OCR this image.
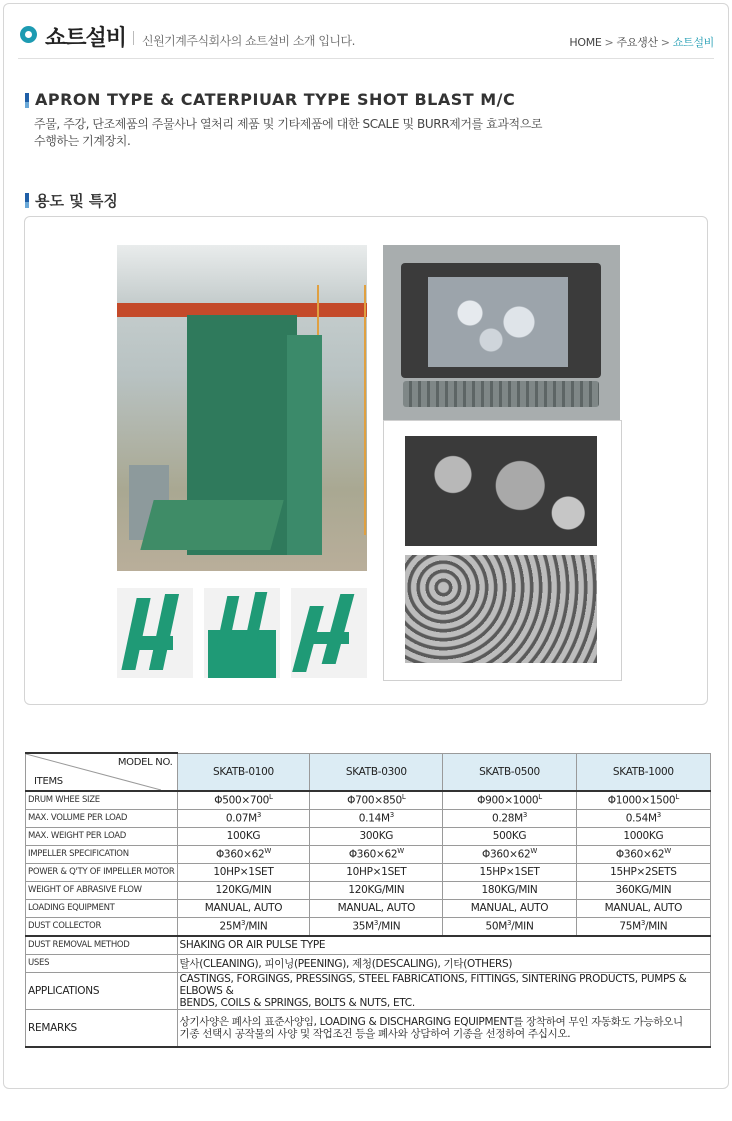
쇼트설비 신원기계주식회사의 쇼트설비 소개 입니다.	HOME > 주요생산 > 쇼트설비
APRON TYPE & CATERPIUAR TYPE SHOT BLAST M/C
주물, 주강, 단조제품의 주물사나 열처리 제품 및 기타제품에 대한 SCALE 및 BURR제거를 효과적으로
수행하는 기계장치.
용도 및 특징
MODEL NO.
ITEMS	SKATB-0100	SKATB-0300	SKATB-0500	SKATB-1000
DRUM WHEE SIZE	$\Phi 500\times 700^L$	$\Phi 700\times 850^L$	$\Phi 900\times 1000^L$	$\Phi 1000\times 1500^L$
MAX. VOLUME PER LOAD	$0.07M^3$	$0.14M^3$	$0.28M^3$	$0.54M^3$
MAX. WEIGHT PER LOAD	100KG	300KG	500KG	1000KG
IMPELLER SPECIFICATION	$\Phi 360\times 62^W$	$\Phi 360\times 62^W$	$\Phi 360\times 62^W$	$\Phi 360\times 62^W$
POWER & Q'TY OF IMPELLER MOTOR	10HP×1SET	10HP×1SET	15HP×1SET	15HP×2SETS
WEIGHT OF ABRASIVE FLOW	120KG/MIN	120KG/MIN	180KG/MIN	360KG/MIN
LOADING EQUIPMENT	MANUAL, AUTO	MANUAL, AUTO	MANUAL, AUTO	MANUAL, AUTO
DUST COLLECTOR	$25M^3$/MIN	$35M^3$/MIN	$50M^3$/MIN	$75M^3$/MIN
DUST REMOVAL METHOD	SHAKING OR AIR PULSE TYPE			
USES	탈사(CLEANING), 피이닝(PEENING), 제청(DESCALING), 기타(OTHERS)			
APPLICATIONS	CASTINGS, FORGINGS, PRESSINGS, STEEL FABRICATIONS, FITTINGS, SINTERING PRODUCTS, PUMPS & ELBOWS &
BENDS, COILS & SPRINGS, BOLTS & NUTS, ETC.			

REMARKS	상기사양은 폐사의 표준사양임, LOADING & DISCHARGING EQUIPMENT를 장착하여 무인 자동화도 가능하오니
기종 선택시 공작물의 사양 및 작업조건 등을 폐사와 상담하여 기종을 선정하여 주십시오.			
